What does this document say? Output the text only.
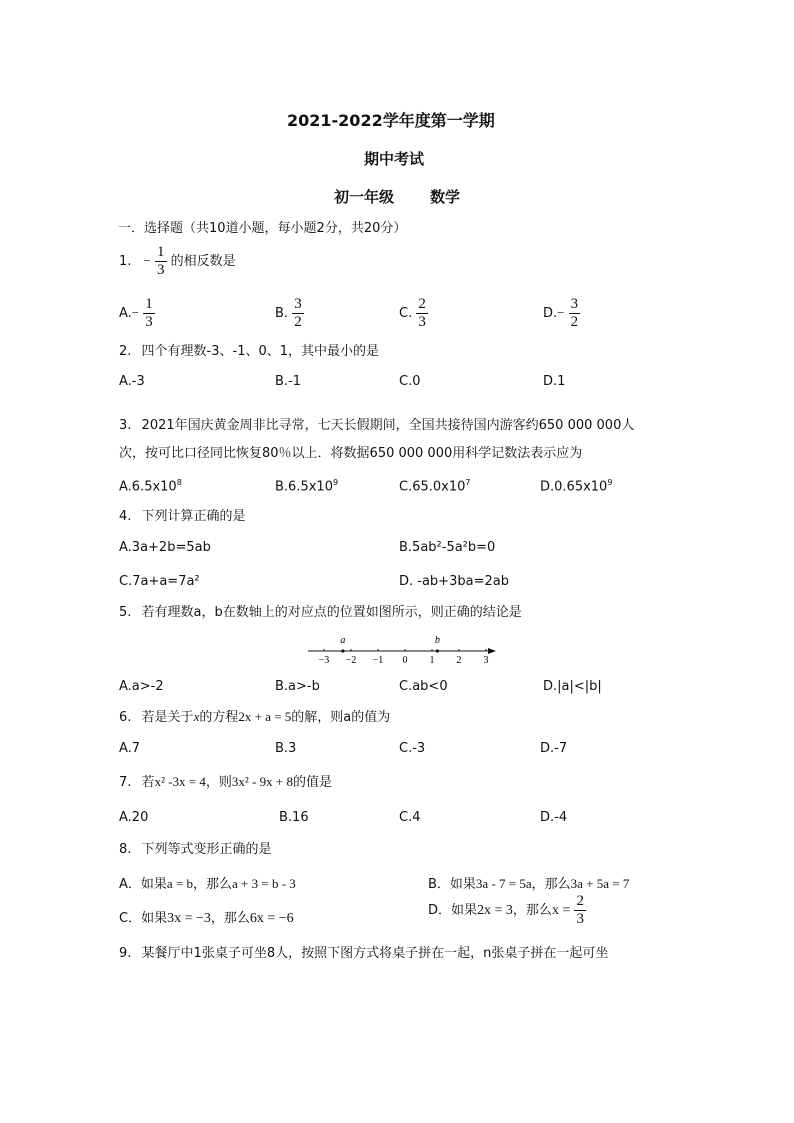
2021-2022学年度第一学期
期中考试
初一年级 数学
一．选择题（共10道小题，每小题2分，共20分）
1. − $\frac{1}{3}$ 的相反数是
$A.- \frac{1}{3}$	B. $\frac{3}{2}$	C. $\frac{2}{3}$	$D.- \frac{3}{2}$
2. 四个有理数-3、-1、0、1，其中最小的是
A.-3	B.-1	C.0	D.1
3. 2021年国庆黄金周非比寻常，七天长假期间，全国共接待国内游客约650 000 000人
次，按可比口径同比恢复80％以上．将数据650 000 000用科学记数法表示应为
$A.6.5x10^8$	$B.6.5x10^9$	$C.65.0x10^7$	$D.0.65x10^9$
4. 下列计算正确的是
A.3a+2b=5ab	B.5ab²-5a²b=0
C.7a+a=7a²	D. -ab+3ba=2ab
5. 若有理数a，b在数轴上的对应点的位置如图所示，则正确的结论是
−3 −2 −1 0 1 2 3
a	b
A.a>-2	B.a>-b	C.ab<0	D.|a|<|b|
6. 若是关于x的方程2x + a = 5的解，则a的值为
A.7	B.3	C.-3	D.-7
7. 若x² -3x = 4，则3x² - 9x + 8的值是
A.20	B.16	C.4	D.-4
8. 下列等式变形正确的是
A．如果a = b，那么a + 3 = b - 3	B．如果3a - 7 = 5a，那么3a + 5a = 7
C．如果3x = −3，那么6x = −6
D．如果2x = 3，那么$x = \frac{2}{3}$
9. 某餐厅中1张桌子可坐8人，按照下图方式将桌子拼在一起，n张桌子拼在一起可坐
